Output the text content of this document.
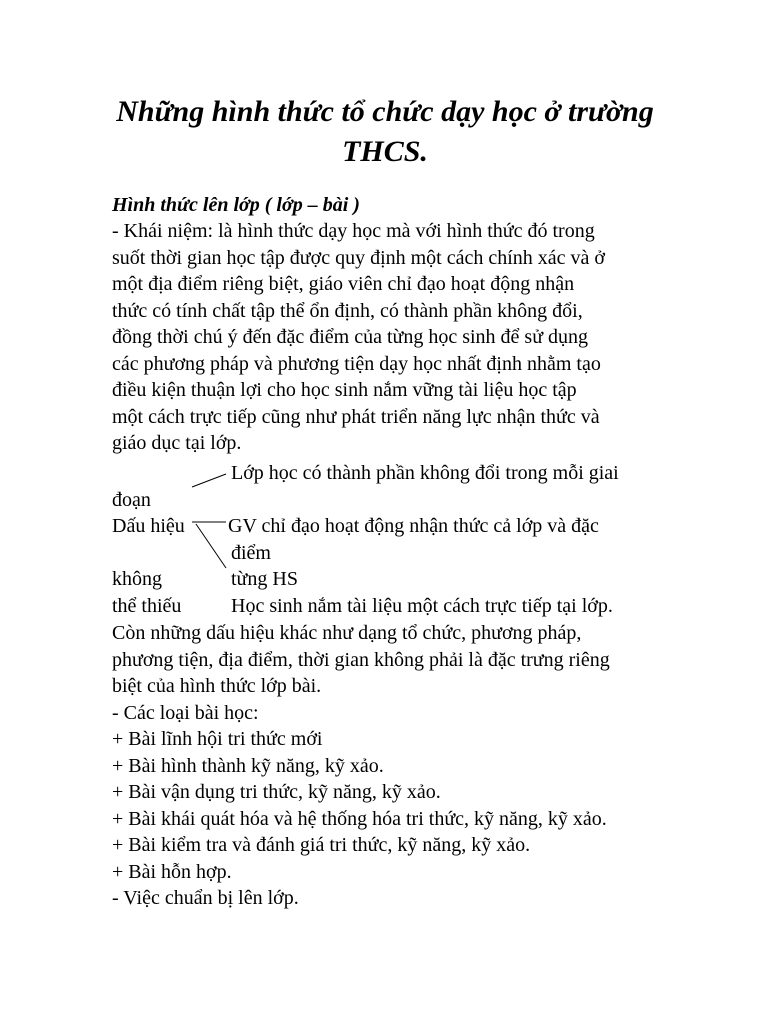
Những hình thức tổ chức dạy học ở trường
THCS.
Hình thức lên lớp ( lớp – bài )
- Khái niệm: là hình thức dạy học mà với hình thức đó trong
suốt thời gian học tập được quy định một cách chính xác và ở
một địa điểm riêng biệt, giáo viên chỉ đạo hoạt động nhận
thức có tính chất tập thể ổn định, có thành phần không đổi,
đồng thời chú ý đến đặc điểm của từng học sinh để sử dụng
các phương pháp và phương tiện dạy học nhất định nhằm tạo
điều kiện thuận lợi cho học sinh nắm vững tài liệu học tập
một cách trực tiếp cũng như phát triển năng lực nhận thức và
giáo dục tại lớp.
Lớp học có thành phần không đổi trong mỗi giai
đoạn
Dấu hiệu GV chỉ đạo hoạt động nhận thức cả lớp và đặc
điểm
không	từng HS
thể thiếu Học sinh nắm tài liệu một cách trực tiếp tại lớp.
Còn những dấu hiệu khác như dạng tổ chức, phương pháp,
phương tiện, địa điểm, thời gian không phải là đặc trưng riêng
biệt của hình thức lớp bài.
- Các loại bài học:
+ Bài lĩnh hội tri thức mới
+ Bài hình thành kỹ năng, kỹ xảo.
+ Bài vận dụng tri thức, kỹ năng, kỹ xảo.
+ Bài khái quát hóa và hệ thống hóa tri thức, kỹ năng, kỹ xảo.
+ Bài kiểm tra và đánh giá tri thức, kỹ năng, kỹ xảo.
+ Bài hỗn hợp.
- Việc chuẩn bị lên lớp.
